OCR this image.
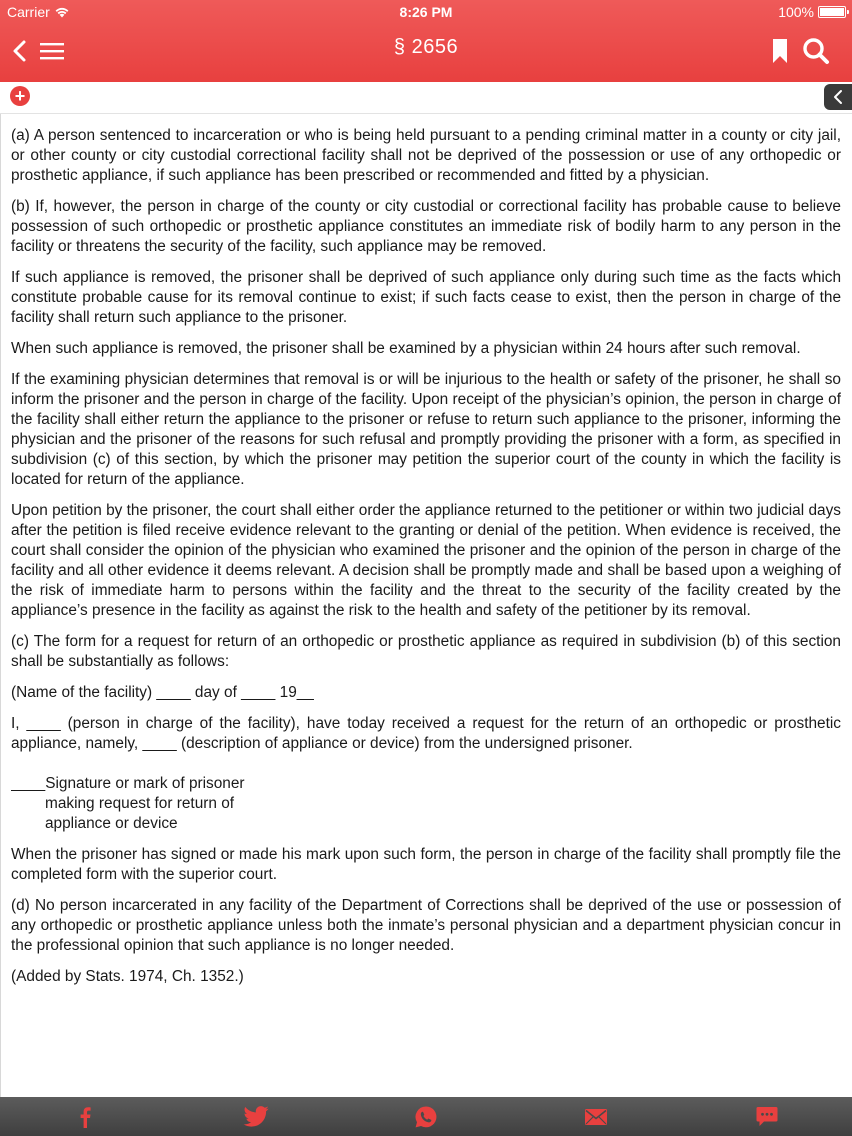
Carrier	8:26 PM	100%
§ 2656
+

(a) A person sentenced to incarceration or who is being held pursuant to a pending criminal matter in a county or city jail, or other county or city custodial correctional facility shall not be deprived of the possession or use of any orthopedic or prosthetic appliance, if such appliance has been prescribed or recommended and fitted by a physician.

(b) If, however, the person in charge of the county or city custodial or correctional facility has probable cause to believe possession of such orthopedic or prosthetic appliance constitutes an immediate risk of bodily harm to any person in the facility or threatens the security of the facility, such appliance may be removed.

If such appliance is removed, the prisoner shall be deprived of such appliance only during such time as the facts which constitute probable cause for its removal continue to exist; if such facts cease to exist, then the person in charge of the facility shall return such appliance to the prisoner.

When such appliance is removed, the prisoner shall be examined by a physician within 24 hours after such removal.

If the examining physician determines that removal is or will be injurious to the health or safety of the prisoner, he shall so inform the prisoner and the person in charge of the facility. Upon receipt of the physician’s opinion, the person in charge of the facility shall either return the appliance to the prisoner or refuse to return such appliance to the prisoner, informing the physician and the prisoner of the reasons for such refusal and promptly providing the prisoner with a form, as specified in subdivision (c) of this section, by which the prisoner may petition the superior court of the county in which the facility is located for return of the appliance.

Upon petition by the prisoner, the court shall either order the appliance returned to the petitioner or within two judicial days after the petition is filed receive evidence relevant to the granting or denial of the petition. When evidence is received, the court shall consider the opinion of the physician who examined the prisoner and the opinion of the person in charge of the facility and all other evidence it deems relevant. A decision shall be promptly made and shall be based upon a weighing of the risk of immediate harm to persons within the facility and the threat to the security of the facility created by the appliance’s presence in the facility as against the risk to the health and safety of the petitioner by its removal.

(c) The form for a request for return of an orthopedic or prosthetic appliance as required in subdivision (b) of this section shall be substantially as follows:

(Name of the facility) ____ day of ____ 19__

I, ____ (person in charge of the facility), have today received a request for the return of an orthopedic or prosthetic appliance, namely, ____ (description of appliance or device) from the undersigned prisoner.

____Signature or mark of prisoner
making request for return of
appliance or device

When the prisoner has signed or made his mark upon such form, the person in charge of the facility shall promptly file the completed form with the superior court.

(d) No person incarcerated in any facility of the Department of Corrections shall be deprived of the use or possession of any orthopedic or prosthetic appliance unless both the inmate’s personal physician and a department physician concur in the professional opinion that such appliance is no longer needed.

(Added by Stats. 1974, Ch. 1352.)
